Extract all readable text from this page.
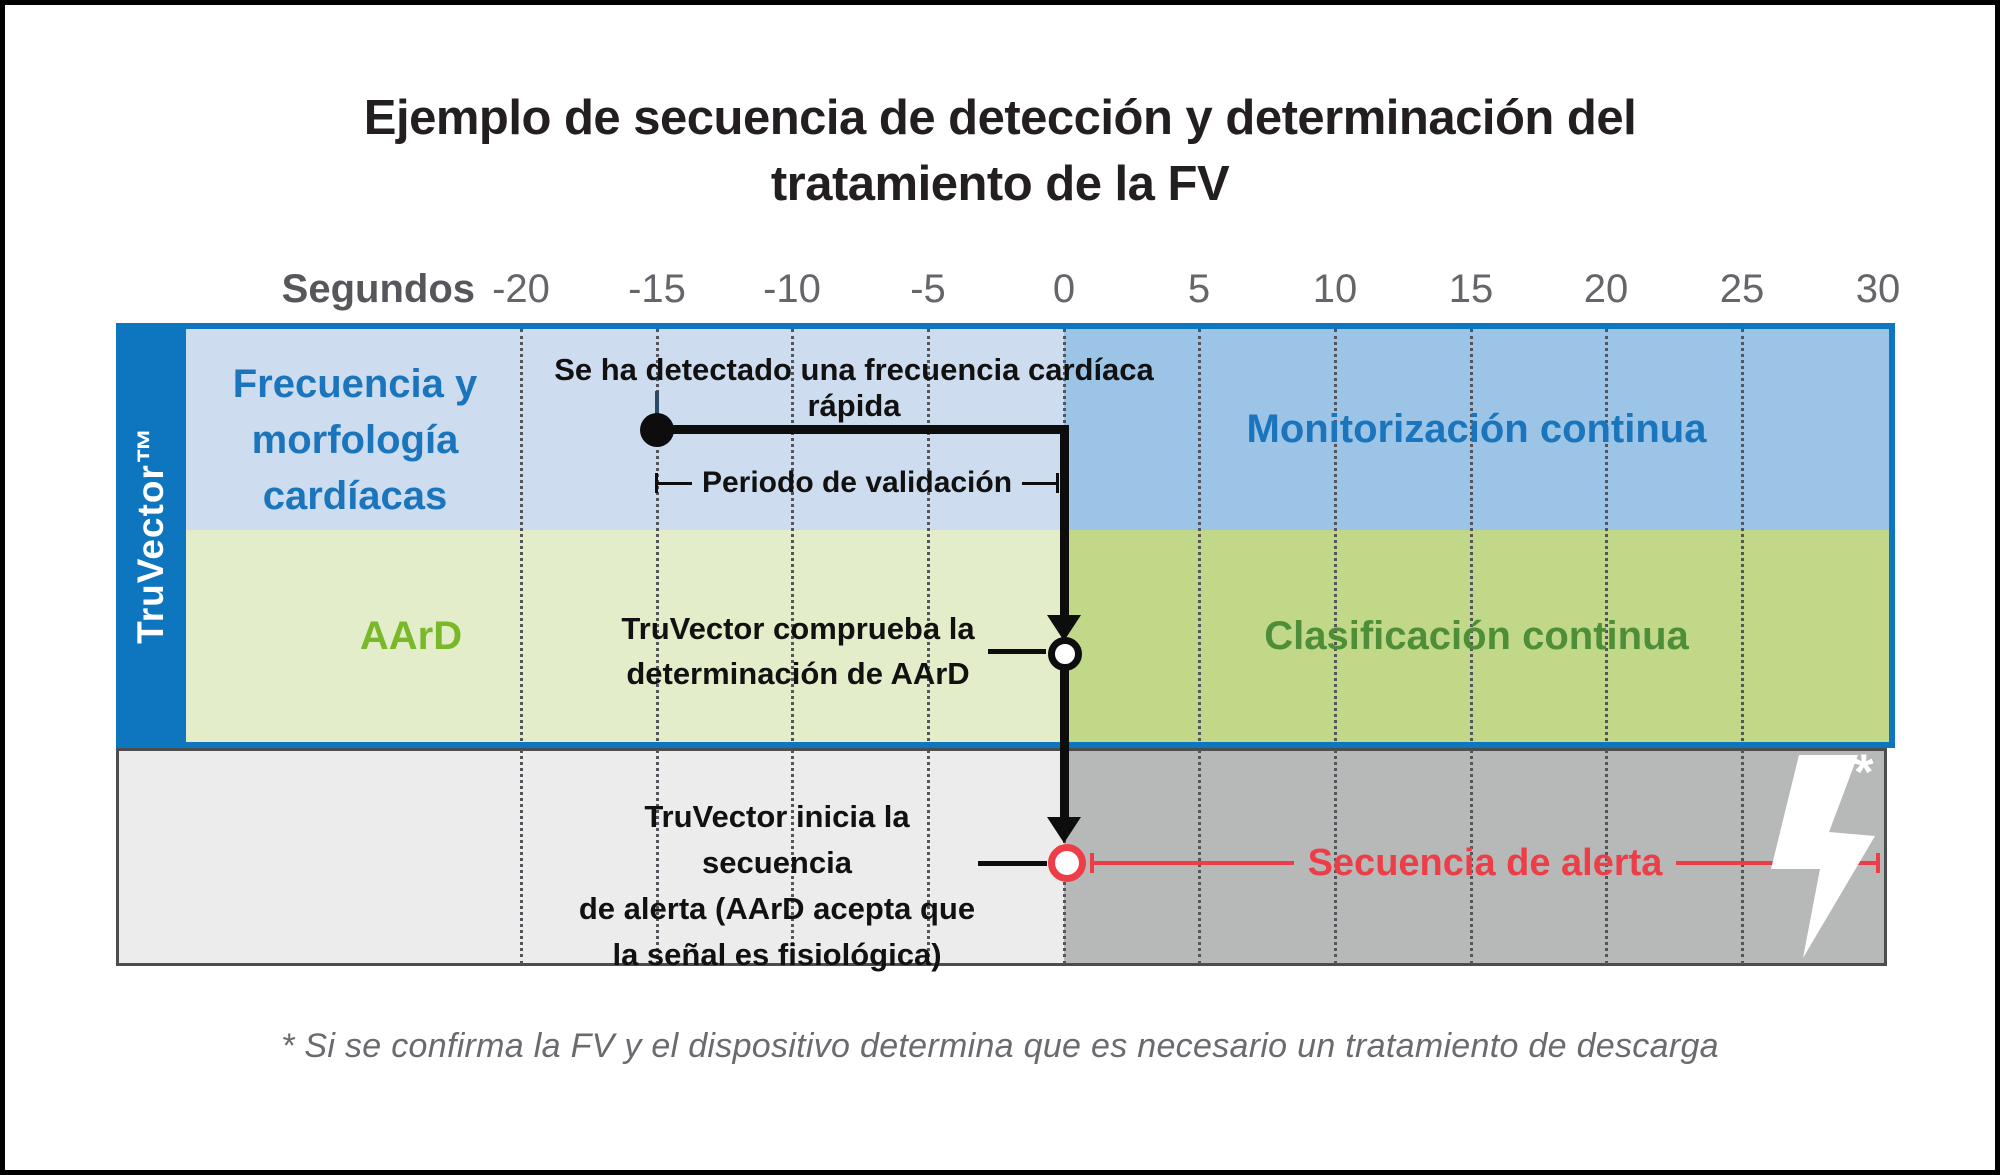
Ejemplo de secuencia de detección y determinación del
tratamiento de la FV
Segundos -20 -15 -10 -5	0	5	10 15 20 25 30
TruVector™
Frecuencia y
morfología
cardíacas
Se ha detectado una frecuencia cardíaca rápida
Periodo de validación
Monitorización continua
AArD	TruVector comprueba la
determinación de AArD
Clasificación continua
TruVector inicia la secuencia
de alerta (AArD acepta que
la señal es fisiológica)
Secuencia de alerta
*
* Si se confirma la FV y el dispositivo determina que es necesario un tratamiento de descarga
